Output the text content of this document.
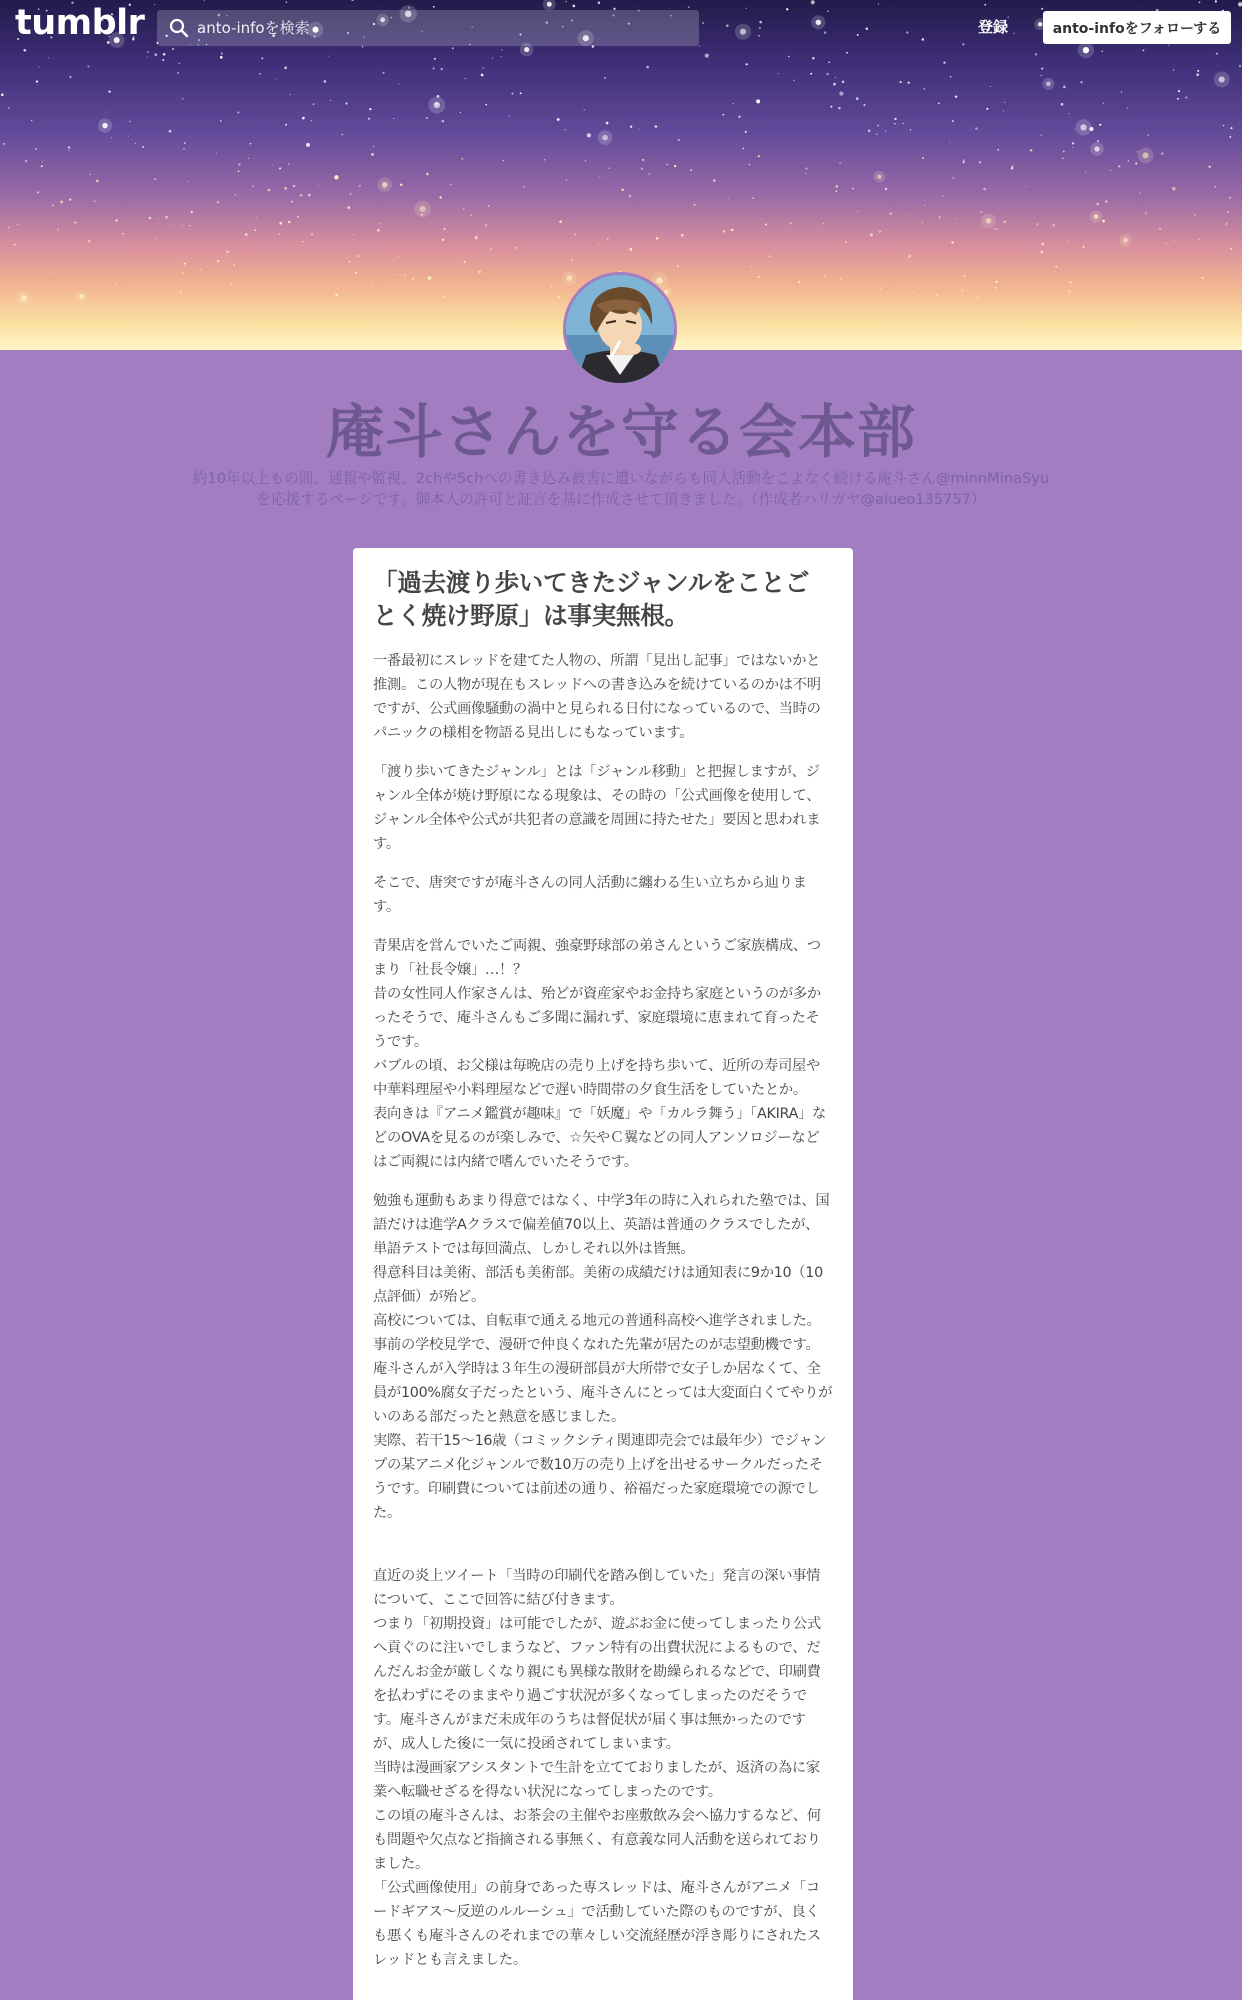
tumblr
anto-infoを検索	登録	anto-infoをフォローする
庵斗さんを守る会本部
約10年以上もの間、通報や監視、2chや5chへの書き込み被害に遭いながらも同人活動をこよなく続ける庵斗さん@minnMinaSyu
を応援するページです。御本人の許可と証言を基に作成させて頂きました。（作成者ハリガヤ@aiueo135757）
「過去渡り歩いてきたジャンルをことごとく焼け野原」は事実無根。

一番最初にスレッドを建てた人物の、所謂「見出し記事」ではないかと推測。この人物が現在もスレッドへの書き込みを続けているのかは不明ですが、公式画像騒動の渦中と見られる日付になっているので、当時のパニックの様相を物語る見出しにもなっています。

「渡り歩いてきたジャンル」とは「ジャンル移動」と把握しますが、ジャンル全体が焼け野原になる現象は、その時の「公式画像を使用して、ジャンル全体や公式が共犯者の意識を周囲に持たせた」要因と思われます。

そこで、唐突ですが庵斗さんの同人活動に纏わる生い立ちから辿ります。

青果店を営んでいたご両親、強豪野球部の弟さんというご家族構成、つまり「社長令嬢」…！？
昔の女性同人作家さんは、殆どが資産家やお金持ち家庭というのが多かったそうで、庵斗さんもご多聞に漏れず、家庭環境に恵まれて育ったそうです。
バブルの頃、お父様は毎晩店の売り上げを持ち歩いて、近所の寿司屋や中華料理屋や小料理屋などで遅い時間帯の夕食生活をしていたとか。
表向きは『アニメ鑑賞が趣味』で「妖魔」や「カルラ舞う」「AKIRA」などのOVAを見るのが楽しみで、☆矢やＣ翼などの同人アンソロジーなどはご両親には内緒で嗜んでいたそうです。

勉強も運動もあまり得意ではなく、中学3年の時に入れられた塾では、国語だけは進学Aクラスで偏差値70以上、英語は普通のクラスでしたが、単語テストでは毎回満点、しかしそれ以外は皆無。
得意科目は美術、部活も美術部。美術の成績だけは通知表に9か10（10点評価）が殆ど。
高校については、自転車で通える地元の普通科高校へ進学されました。事前の学校見学で、漫研で仲良くなれた先輩が居たのが志望動機です。
庵斗さんが入学時は３年生の漫研部員が大所帯で女子しか居なくて、全員が100%腐女子だったという、庵斗さんにとっては大変面白くてやりがいのある部だったと熱意を感じました。
実際、若干15～16歳（コミックシティ関連即売会では最年少）でジャンプの某アニメ化ジャンルで数10万の売り上げを出せるサークルだったそうです。印刷費については前述の通り、裕福だった家庭環境での源でした。

直近の炎上ツイート「当時の印刷代を踏み倒していた」発言の深い事情について、ここで回答に結び付きます。
つまり「初期投資」は可能でしたが、遊ぶお金に使ってしまったり公式へ貢ぐのに注いでしまうなど、ファン特有の出費状況によるもので、だんだんお金が厳しくなり親にも異様な散財を勘繰られるなどで、印刷費を払わずにそのままやり過ごす状況が多くなってしまったのだそうです。庵斗さんがまだ未成年のうちは督促状が届く事は無かったのですが、成人した後に一気に投函されてしまいます。
当時は漫画家アシスタントで生計を立てておりましたが、返済の為に家業へ転職せざるを得ない状況になってしまったのです。
この頃の庵斗さんは、お茶会の主催やお座敷飲み会へ協力するなど、何も問題や欠点など指摘される事無く、有意義な同人活動を送られておりました。
「公式画像使用」の前身であった専スレッドは、庵斗さんがアニメ「コードギアス～反逆のルルーシュ」で活動していた際のものですが、良くも悪くも庵斗さんのそれまでの華々しい交流経歴が浮き彫りにされたスレッドとも言えました。
